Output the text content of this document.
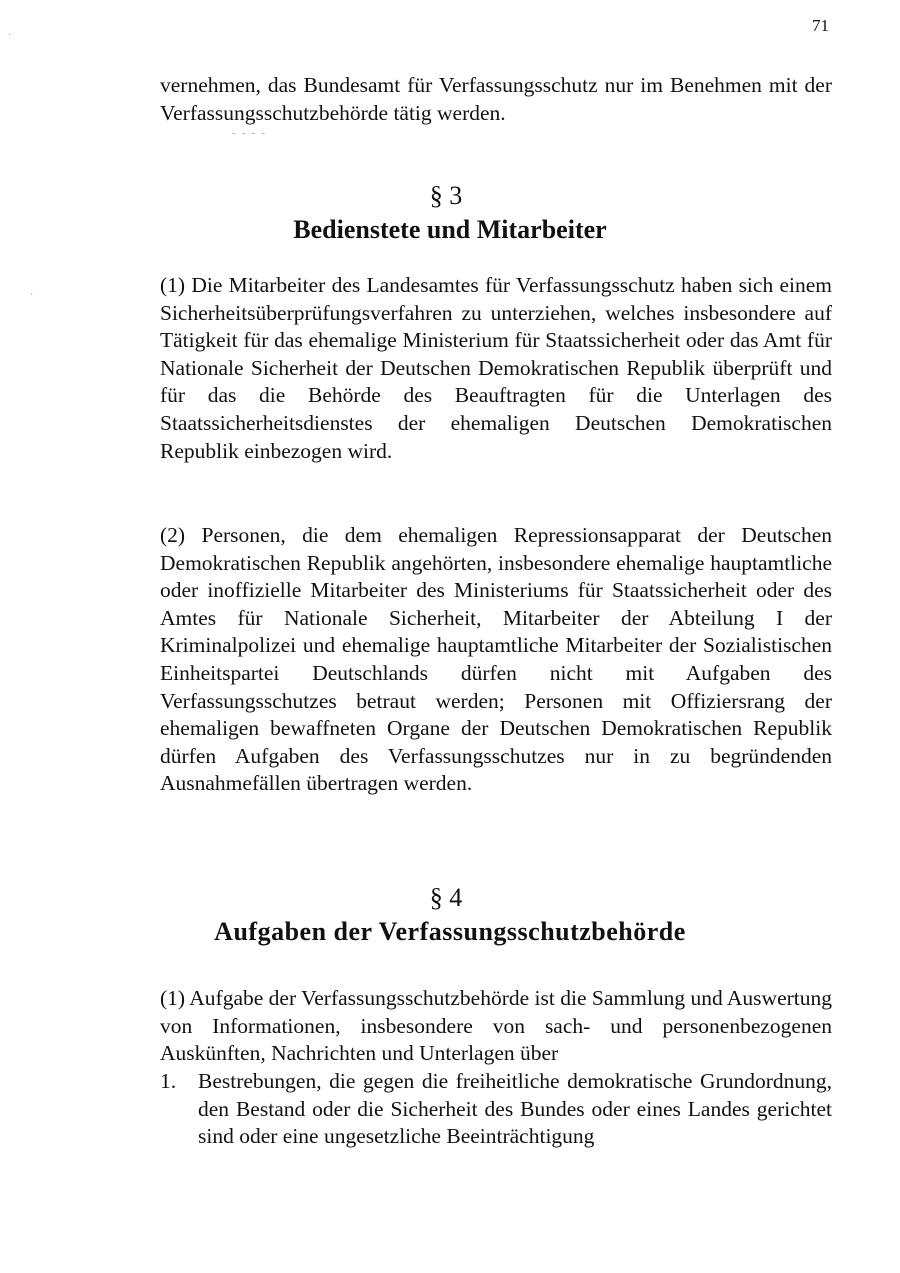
71
·
- - - -
·
vernehmen, das Bundesamt für Verfassungsschutz nur im Benehmen mit der Verfassungsschutzbehörde tätig werden.
§ 3
Bedienstete und Mitarbeiter
(1) Die Mitarbeiter des Landesamtes für Verfassungsschutz haben sich einem Sicherheitsüberprüfungsverfahren zu unterziehen, welches insbesondere auf Tätigkeit für das ehemalige Ministerium für Staatssicherheit oder das Amt für Nationale Sicherheit der Deutschen Demokratischen Republik überprüft und für das die Behörde des Beauftragten für die Unterlagen des Staatssicherheitsdienstes der ehemaligen Deutschen Demokratischen Republik einbezogen wird.
(2) Personen, die dem ehemaligen Repressionsapparat der Deutschen Demokratischen Republik angehörten, insbesondere ehemalige hauptamtliche oder inoffizielle Mitarbeiter des Ministeriums für Staatssicherheit oder des Amtes für Nationale Sicherheit, Mitarbeiter der Abteilung I der Kriminalpolizei und ehemalige hauptamtliche Mitarbeiter der Sozialistischen Einheitspartei Deutschlands dürfen nicht mit Aufgaben des Verfassungsschutzes betraut werden; Personen mit Offiziersrang der ehemaligen bewaffneten Organe der Deutschen Demokratischen Republik dürfen Aufgaben des Verfassungsschutzes nur in zu begründenden Ausnahmefällen übertragen werden.
§ 4
Aufgaben der Verfassungsschutzbehörde
(1) Aufgabe der Verfassungsschutzbehörde ist die Sammlung und Auswertung von Informationen, insbesondere von sach- und personenbezogenen Auskünften, Nachrichten und Unterlagen über
1. Bestrebungen, die gegen die freiheitliche demokratische Grundordnung, den Bestand oder die Sicherheit des Bundes oder eines Landes gerichtet sind oder eine ungesetzliche Beeinträchtigung
